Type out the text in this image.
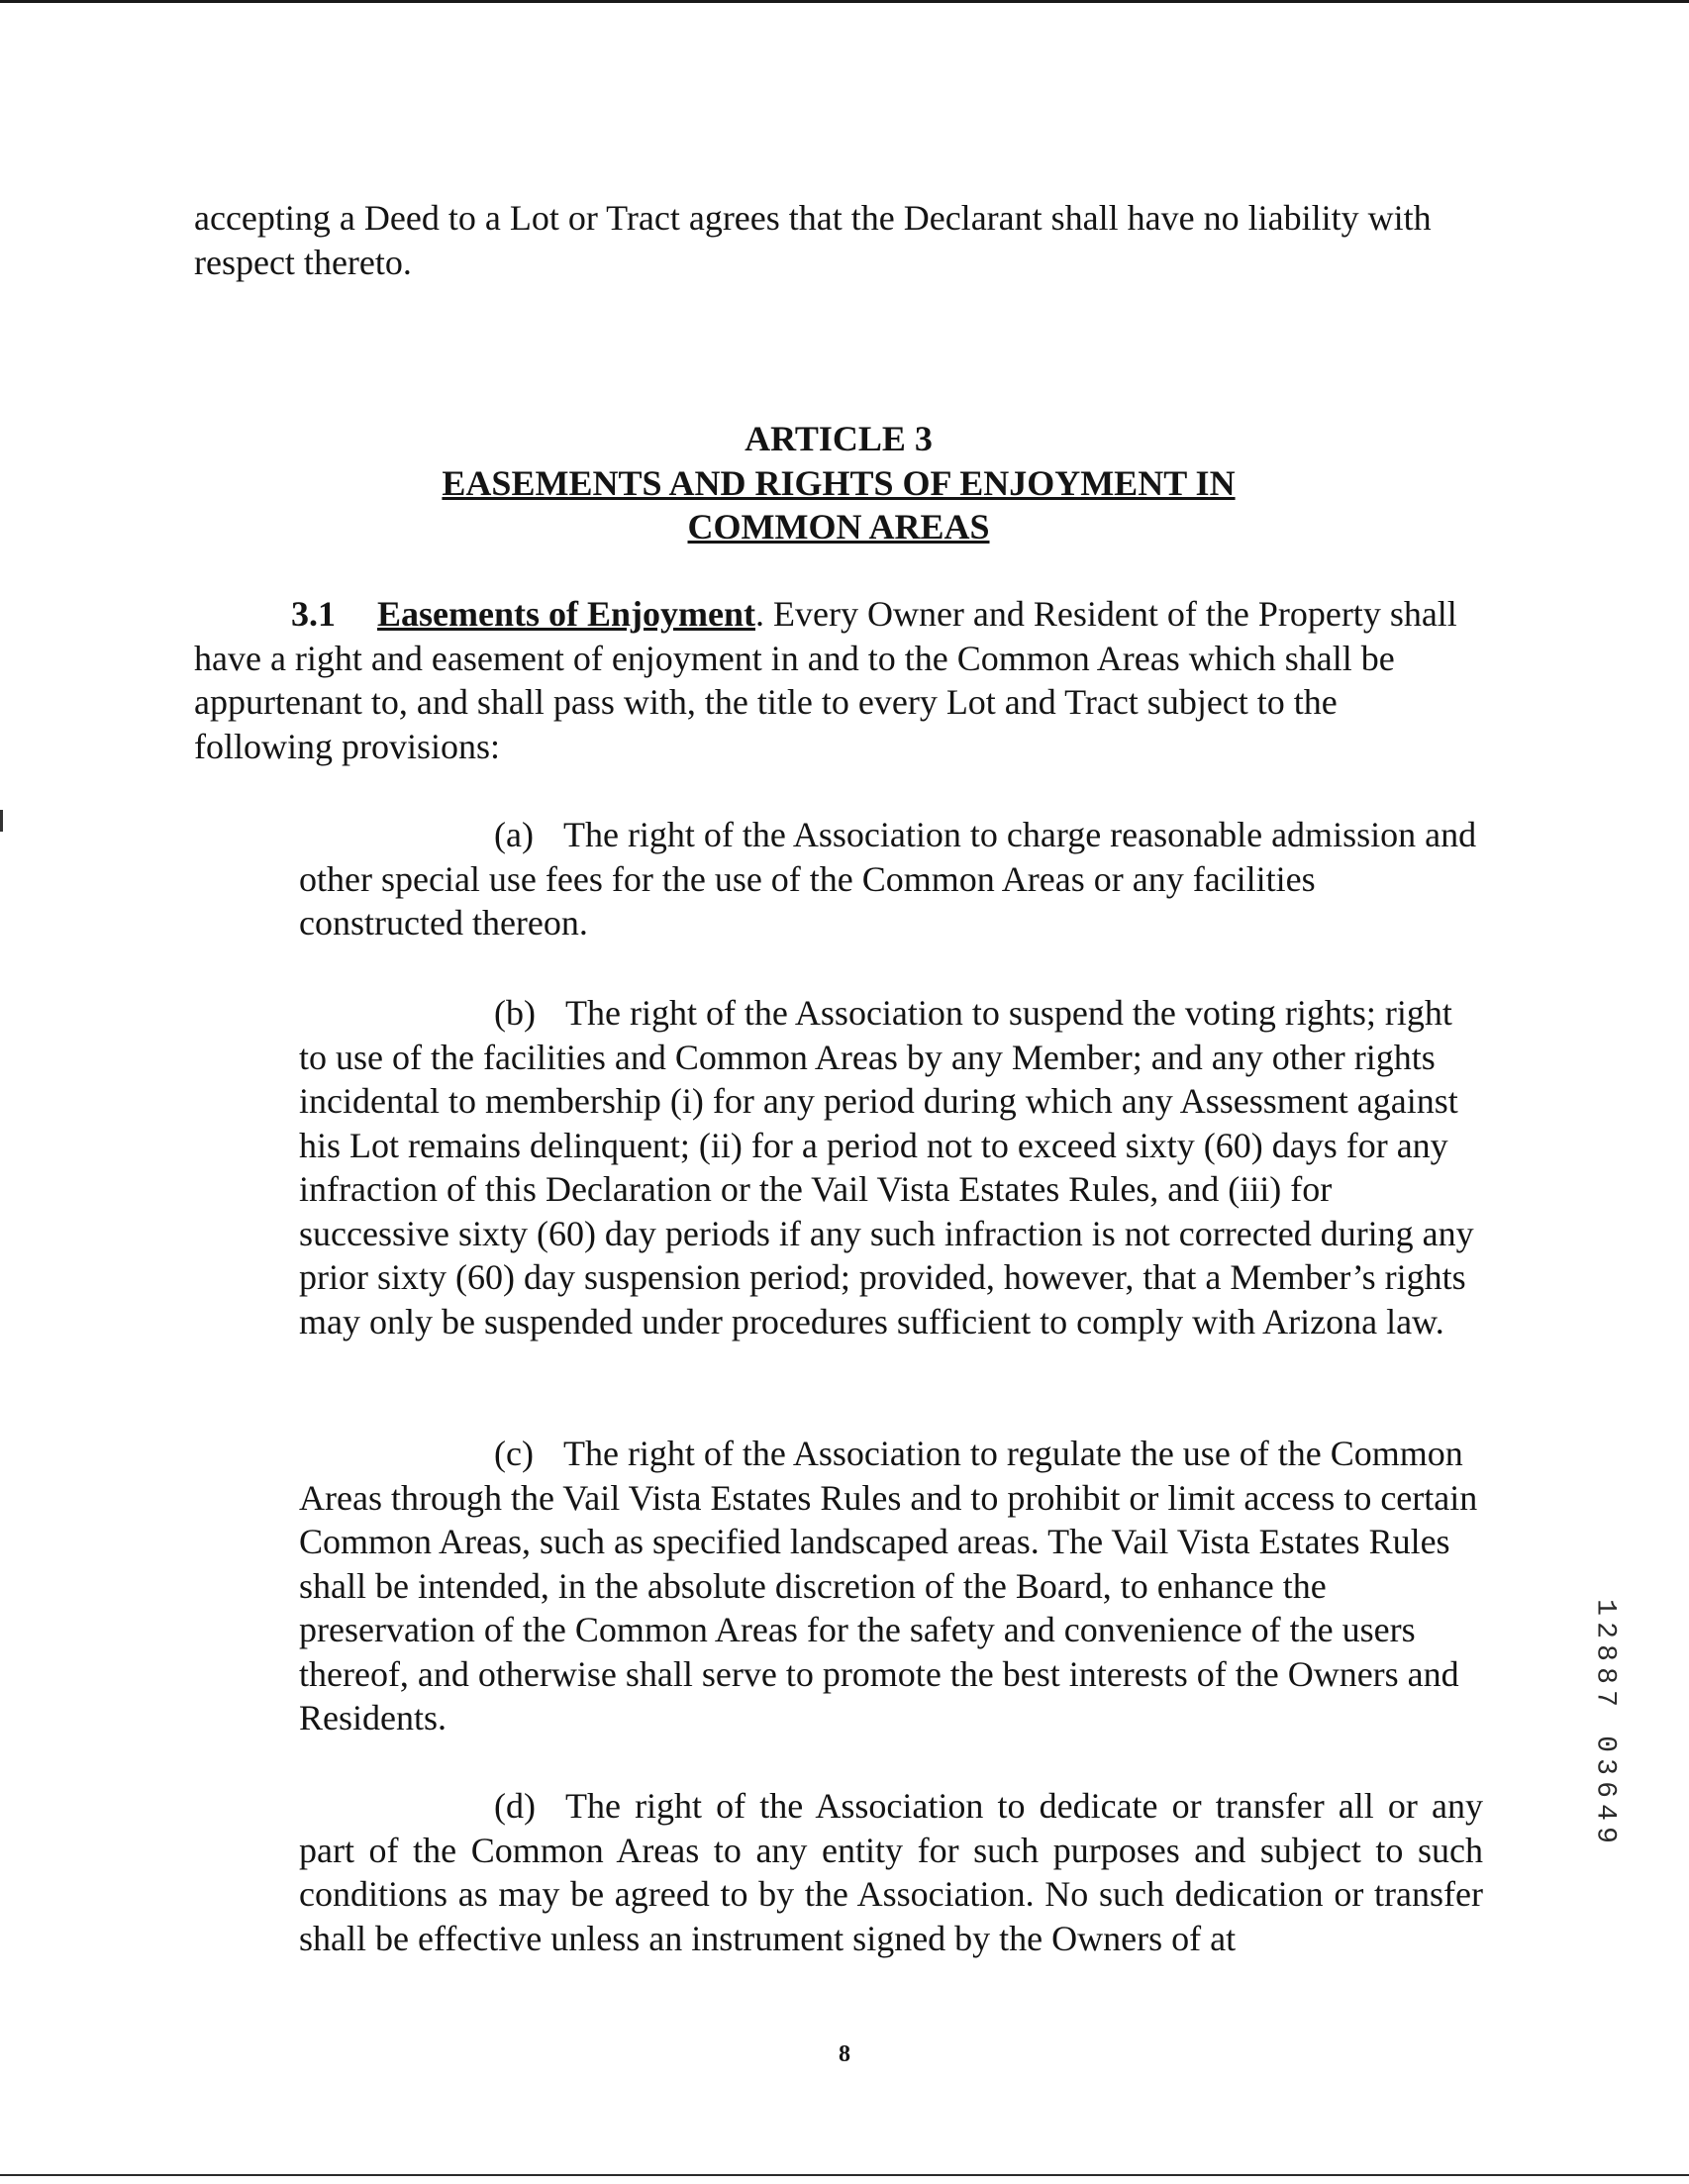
accepting a Deed to a Lot or Tract agrees that the Declarant shall have no liability with respect thereto.

ARTICLE 3
EASEMENTS AND RIGHTS OF ENJOYMENT IN
COMMON AREAS

3.1 Easements of Enjoyment. Every Owner and Resident of the Property shall have a right and easement of enjoyment in and to the Common Areas which shall be appurtenant to, and shall pass with, the title to every Lot and Tract subject to the following provisions:

(a) The right of the Association to charge reasonable admission and other special use fees for the use of the Common Areas or any facilities constructed thereon.

(b) The right of the Association to suspend the voting rights; right to use of the facilities and Common Areas by any Member; and any other rights incidental to membership (i) for any period during which any Assessment against his Lot remains delinquent; (ii) for a period not to exceed sixty (60) days for any infraction of this Declaration or the Vail Vista Estates Rules, and (iii) for successive sixty (60) day periods if any such infraction is not corrected during any prior sixty (60) day suspension period; provided, however, that a Member’s rights may only be suspended under procedures sufficient to comply with Arizona law.

(c) The right of the Association to regulate the use of the Common Areas through the Vail Vista Estates Rules and to prohibit or limit access to certain Common Areas, such as specified landscaped areas. The Vail Vista Estates Rules shall be intended, in the absolute discretion of the Board, to enhance the preservation of the Common Areas for the safety and convenience of the users thereof, and otherwise shall serve to promote the best interests of the Owners and Residents.

(d) The right of the Association to dedicate or transfer all or any part of the Common Areas to any entity for such purposes and subject to such conditions as may be agreed to by the Association. No such dedication or transfer shall be effective unless an instrument signed by the Owners of at

1
2
8
8
7

0
3
6
4
9
8
